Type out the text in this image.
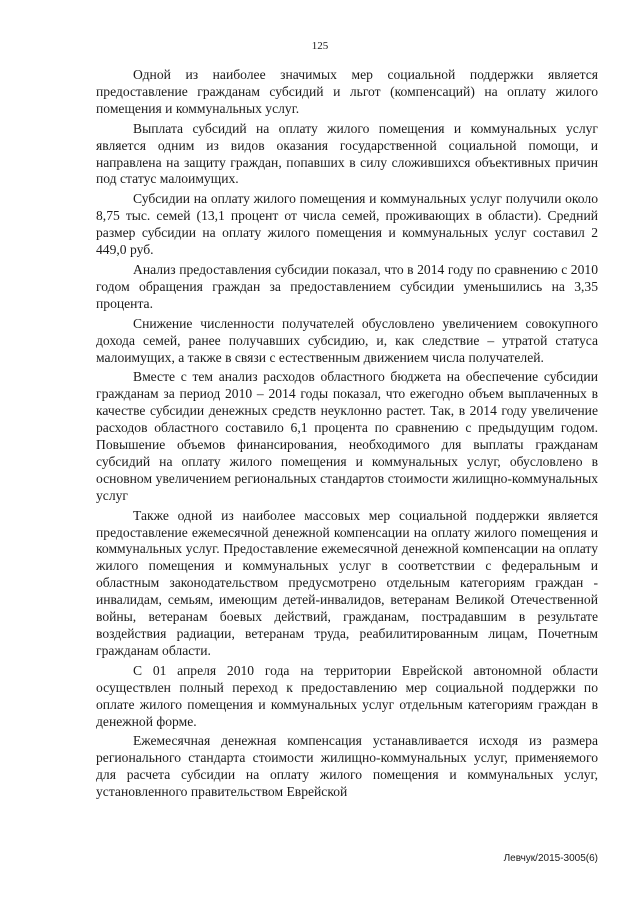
125

Одной из наиболее значимых мер социальной поддержки является предоставление гражданам субсидий и льгот (компенсаций) на оплату жилого помещения и коммунальных услуг.

Выплата субсидий на оплату жилого помещения и коммунальных услуг является одним из видов оказания государственной социальной помощи, и направлена на защиту граждан, попавших в силу сложившихся объективных причин под статус малоимущих.

Субсидии на оплату жилого помещения и коммунальных услуг получили около 8,75 тыс. семей (13,1 процент от числа семей, проживающих в области). Средний размер субсидии на оплату жилого помещения и коммунальных услуг составил 2 449,0 руб.

Анализ предоставления субсидии показал, что в 2014 году по сравнению с 2010 годом обращения граждан за предоставлением субсидии уменьшились на 3,35 процента.

Снижение численности получателей обусловлено увеличением совокупного дохода семей, ранее получавших субсидию, и, как следствие – утратой статуса малоимущих, а также в связи с естественным движением числа получателей.

Вместе с тем анализ расходов областного бюджета на обеспечение субсидии гражданам за период 2010 – 2014 годы показал, что ежегодно объем выплаченных в качестве субсидии денежных средств неуклонно растет. Так, в 2014 году увеличение расходов областного составило 6,1 процента по сравнению с предыдущим годом. Повышение объемов финансирования, необходимого для выплаты гражданам субсидий на оплату жилого помещения и коммунальных услуг, обусловлено в основном увеличением региональных стандартов стоимости жилищно-коммунальных услуг

Также одной из наиболее массовых мер социальной поддержки является предоставление ежемесячной денежной компенсации на оплату жилого помещения и коммунальных услуг. Предоставление ежемесячной денежной компенсации на оплату жилого помещения и коммунальных услуг в соответствии с федеральным и областным законодательством предусмотрено отдельным категориям граждан - инвалидам, семьям, имеющим детей-инвалидов, ветеранам Великой Отечественной войны, ветеранам боевых действий, гражданам, пострадавшим в результате воздействия радиации, ветеранам труда, реабилитированным лицам, Почетным гражданам области.

С 01 апреля 2010 года на территории Еврейской автономной области осуществлен полный переход к предоставлению мер социальной поддержки по оплате жилого помещения и коммунальных услуг отдельным категориям граждан в денежной форме.

Ежемесячная денежная компенсация устанавливается исходя из размера регионального стандарта стоимости жилищно-коммунальных услуг, применяемого для расчета субсидии на оплату жилого помещения и коммунальных услуг, установленного правительством Еврейской

Левчук/2015-3005(6)
